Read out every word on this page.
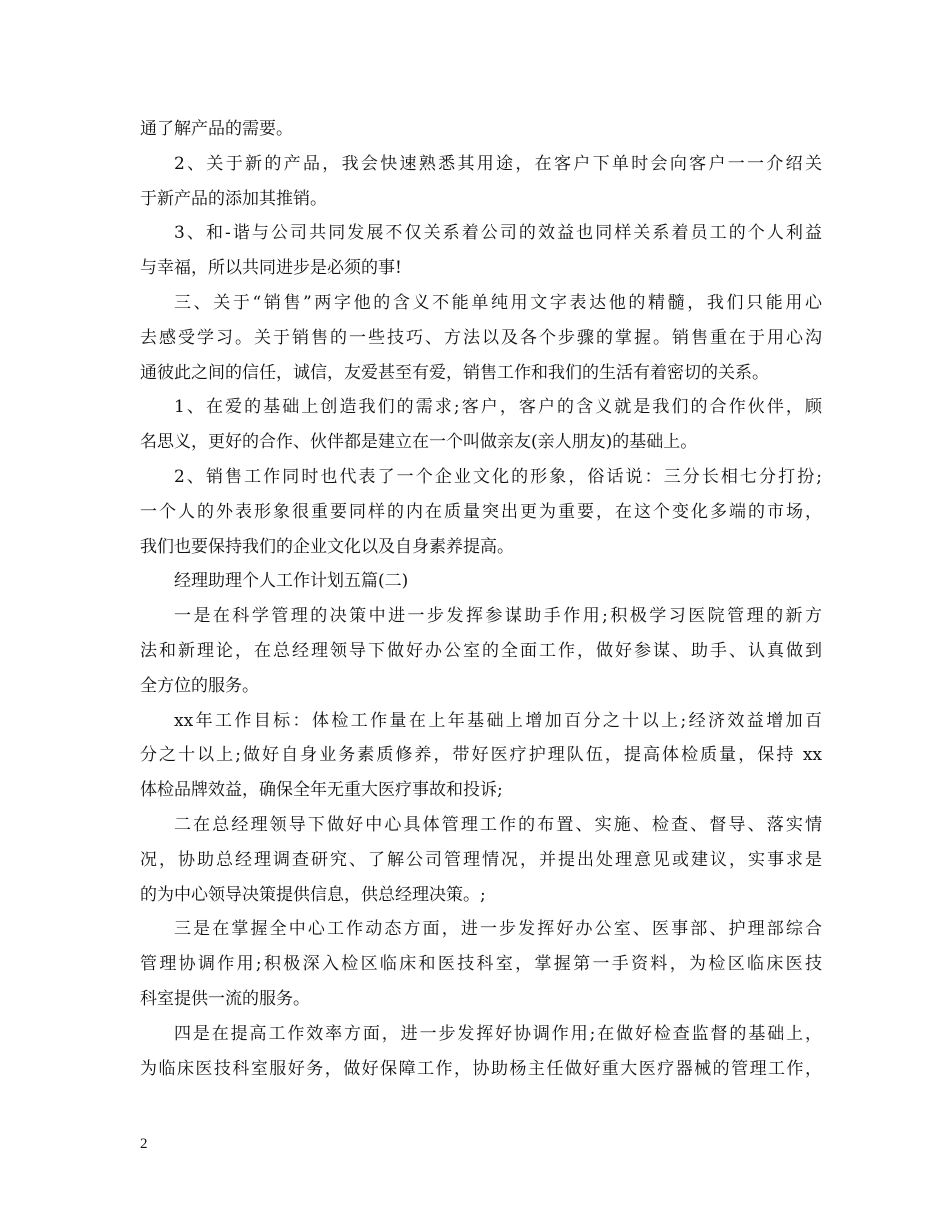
通了解产品的需要。
2、关于新的产品，我会快速熟悉其用途，在客户下单时会向客户一一介绍关
于新产品的添加其推销。
3、和-谐与公司共同发展不仅关系着公司的效益也同样关系着员工的个人利益
与幸福，所以共同进步是必须的事!
三、关于“销售”两字他的含义不能单纯用文字表达他的精髓，我们只能用心
去感受学习。关于销售的一些技巧、方法以及各个步骤的掌握。销售重在于用心沟
通彼此之间的信任，诚信，友爱甚至有爱，销售工作和我们的生活有着密切的关系。
1、在爱的基础上创造我们的需求;客户，客户的含义就是我们的合作伙伴，顾
名思义，更好的合作、伙伴都是建立在一个叫做亲友(亲人朋友)的基础上。
2、销售工作同时也代表了一个企业文化的形象，俗话说：三分长相七分打扮;
一个人的外表形象很重要同样的内在质量突出更为重要，在这个变化多端的市场，
我们也要保持我们的企业文化以及自身素养提高。
经理助理个人工作计划五篇(二)
一是在科学管理的决策中进一步发挥参谋助手作用;积极学习医院管理的新方
法和新理论，在总经理领导下做好办公室的全面工作，做好参谋、助手、认真做到
全方位的服务。
xx年工作目标：体检工作量在上年基础上增加百分之十以上;经济效益增加百
分之十以上;做好自身业务素质修养，带好医疗护理队伍，提高体检质量，保持 xx
体检品牌效益，确保全年无重大医疗事故和投诉;
二在总经理领导下做好中心具体管理工作的布置、实施、检查、督导、落实情
况，协助总经理调查研究、了解公司管理情况，并提出处理意见或建议，实事求是
的为中心领导决策提供信息，供总经理决策。;
三是在掌握全中心工作动态方面，进一步发挥好办公室、医事部、护理部综合
管理协调作用;积极深入检区临床和医技科室，掌握第一手资料，为检区临床医技
科室提供一流的服务。
四是在提高工作效率方面，进一步发挥好协调作用;在做好检查监督的基础上，
为临床医技科室服好务，做好保障工作，协助杨主任做好重大医疗器械的管理工作，
2
